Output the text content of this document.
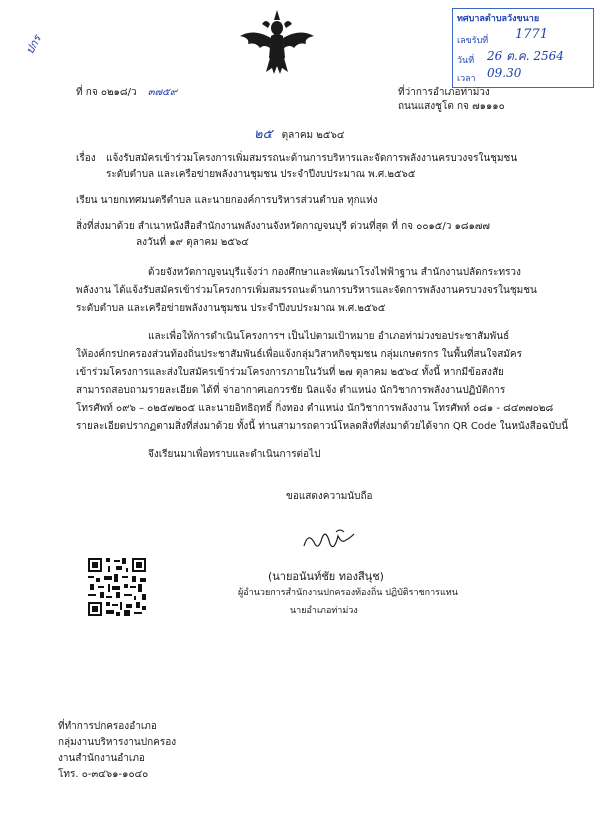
ปกร
ทศบาลตำบลวังขนาย
เลขรับที่ 1771
วันที่ 26 ต.ค. 2564
เวลา 09.30
ที่ กจ ๐๒๑๘/ว ๓๗๕๙	ที่ว่าการอำเภอท่าม่วง
ถนนแสงชูโต กจ ๗๑๑๑๐
๒๕ ตุลาคม ๒๕๖๔
เรื่อง แจ้งรับสมัครเข้าร่วมโครงการเพิ่มสมรรถนะด้านการบริหารและจัดการพลังงานครบวงจรในชุมชน
ระดับตำบล และเครือข่ายพลังงานชุมชน ประจำปีงบประมาณ พ.ศ.๒๕๖๕
เรียน นายกเทศมนตรีตำบล และนายกองค์การบริหารส่วนตำบล ทุกแห่ง
สิ่งที่ส่งมาด้วย สำเนาหนังสือสำนักงานพลังงานจังหวัดกาญจนบุรี ด่วนที่สุด ที่ กจ ๐๐๑๕/ว ๑๘๑๗๗
ลงวันที่ ๑๙ ตุลาคม ๒๕๖๔
ด้วยจังหวัดกาญจนบุรีแจ้งว่า กองศึกษาและพัฒนาโรงไฟฟ้าฐาน สำนักงานปลัดกระทรวง
พลังงาน ได้แจ้งรับสมัครเข้าร่วมโครงการเพิ่มสมรรถนะด้านการบริหารและจัดการพลังงานครบวงจรในชุมชน
ระดับตำบล และเครือข่ายพลังงานชุมชน ประจำปีงบประมาณ พ.ศ.๒๕๖๕
และเพื่อให้การดำเนินโครงการฯ เป็นไปตามเป้าหมาย อำเภอท่าม่วงขอประชาสัมพันธ์
ให้องค์กรปกครองส่วนท้องถิ่นประชาสัมพันธ์เพื่อแจ้งกลุ่มวิสาหกิจชุมชน กลุ่มเกษตรกร ในพื้นที่สนใจสมัคร
เข้าร่วมโครงการและส่งใบสมัครเข้าร่วมโครงการภายในวันที่ ๒๗ ตุลาคม ๒๕๖๔ ทั้งนี้ หากมีข้อสงสัย
สามารถสอบถามรายละเอียด ได้ที่ จ่าอากาศเอกวรชัย นิลแจ้ง ตำแหน่ง นักวิชาการพลังงานปฏิบัติการ
โทรศัพท์ ๐๙๖ – ๐๒๕๗๒๐๕ และนายอิทธิฤทธิ์ กิ่งทอง ตำแหน่ง นักวิชาการพลังงาน โทรศัพท์ ๐๘๑ - ๘๔๓๗๐๒๘
รายละเอียดปรากฏตามสิ่งที่ส่งมาด้วย ทั้งนี้ ท่านสามารถดาวน์โหลดสิ่งที่ส่งมาด้วยได้จาก QR Code ในหนังสือฉบับนี้
จึงเรียนมาเพื่อทราบและดำเนินการต่อไป
ขอแสดงความนับถือ
(นายอนันท์ชัย ทองสีนุช)
ผู้อำนวยการสำนักงานปกครองท้องถิ่น ปฏิบัติราชการแทน
นายอำเภอท่าม่วง
ที่ทำการปกครองอำเภอ
กลุ่มงานบริหารงานปกครอง
งานสำนักงานอำเภอ
โทร. ๐-๓๔๖๑-๑๐๔๐
